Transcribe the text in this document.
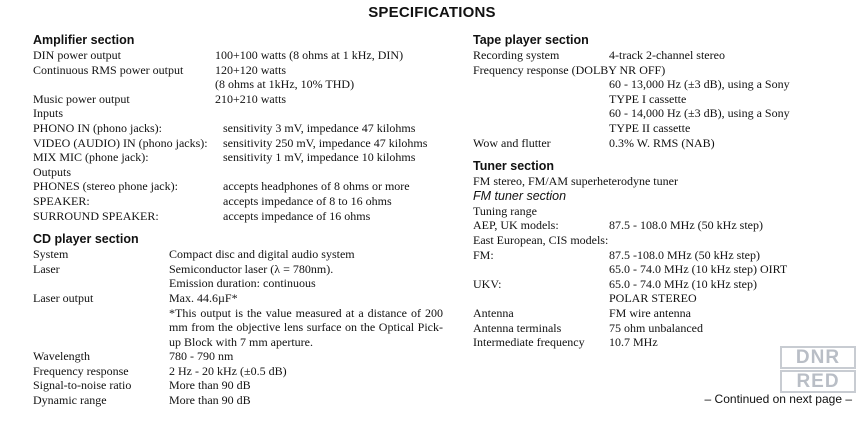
SPECIFICATIONS
Amplifier section
DIN power output	100+100 watts (8 ohms at 1 kHz, DIN)
Continuous RMS power output	120+120 watts
(8 ohms at 1kHz, 10% THD)
Music power output	210+210 watts
Inputs
PHONO IN (phono jacks):	sensitivity 3 mV, impedance 47 kilohms
VIDEO (AUDIO) IN (phono jacks):	sensitivity 250 mV, impedance 47 kilohms
MIX MIC (phone jack):	sensitivity 1 mV, impedance 10 kilohms
Outputs
PHONES (stereo phone jack):	accepts headphones of 8 ohms or more
SPEAKER:	accepts impedance of 8 to 16 ohms
SURROUND SPEAKER:	accepts impedance of 16 ohms
CD player section
System	Compact disc and digital audio system
Laser	Semiconductor laser (λ = 780nm).
Emission duration: continuous
Laser output	Max. 44.6µF*
*This output is the value measured at a distance of 200 mm from the objective lens surface on the Optical Pick-up Block with 7 mm aperture.
Wavelength	780 - 790 nm
Frequency response	2 Hz - 20 kHz (±0.5 dB)
Signal-to-noise ratio	More than 90 dB
Dynamic range	More than 90 dB
Tape player section
Recording system	4-track 2-channel stereo
Frequency response (DOLBY NR OFF)
60 - 13,000 Hz (±3 dB), using a Sony
TYPE I cassette
60 - 14,000 Hz (±3 dB), using a Sony
TYPE II cassette
Wow and flutter	0.3% W. RMS (NAB)
Tuner section
FM stereo, FM/AM superheterodyne tuner
FM tuner section
Tuning range
AEP, UK models:	87.5 - 108.0 MHz (50 kHz step)
East European, CIS models:
FM:	87.5 -108.0 MHz (50 kHz step)
65.0 - 74.0 MHz (10 kHz step) OIRT
UKV:	65.0 - 74.0 MHz (10 kHz step)
POLAR STEREO
Antenna	FM wire antenna
Antenna terminals	75 ohm unbalanced
Intermediate frequency	10.7 MHz
– Continued on next page –
DNR
RED
